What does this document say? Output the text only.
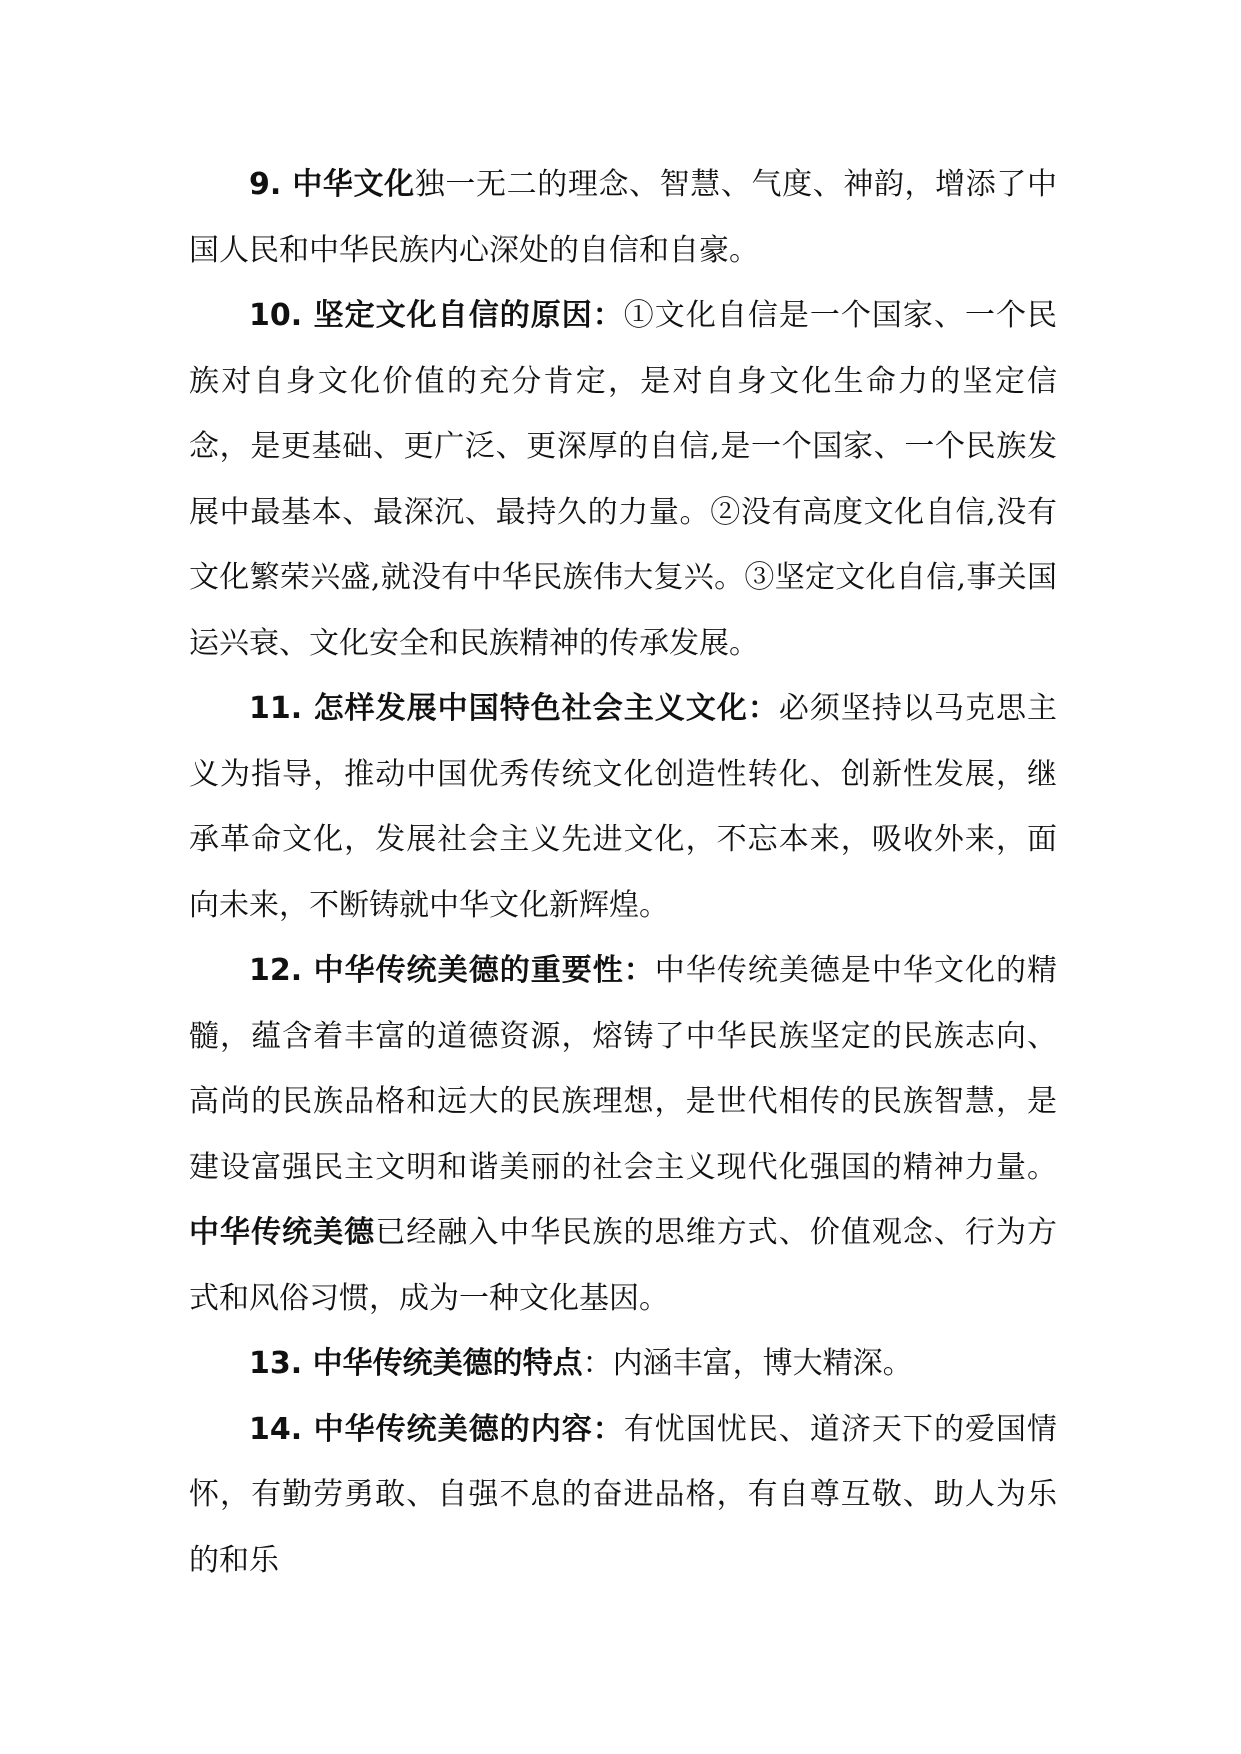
9. 中华文化独一无二的理念、智慧、气度、神韵，增添了中国人民和中华民族内心深处的自信和自豪。

10. 坚定文化自信的原因：①文化自信是一个国家、一个民族对自身文化价值的充分肯定，是对自身文化生命力的坚定信念，是更基础、更广泛、更深厚的自信,是一个国家、一个民族发展中最基本、最深沉、最持久的力量。②没有高度文化自信,没有文化繁荣兴盛,就没有中华民族伟大复兴。③坚定文化自信,事关国运兴衰、文化安全和民族精神的传承发展。

11. 怎样发展中国特色社会主义文化：必须坚持以马克思主义为指导，推动中国优秀传统文化创造性转化、创新性发展，继承革命文化，发展社会主义先进文化，不忘本来，吸收外来，面向未来，不断铸就中华文化新辉煌。

12. 中华传统美德的重要性：中华传统美德是中华文化的精髓，蕴含着丰富的道德资源，熔铸了中华民族坚定的民族志向、高尚的民族品格和远大的民族理想，是世代相传的民族智慧，是建设富强民主文明和谐美丽的社会主义现代化强国的精神力量。中华传统美德已经融入中华民族的思维方式、价值观念、行为方式和风俗习惯，成为一种文化基因。

13. 中华传统美德的特点：内涵丰富，博大精深。

14. 中华传统美德的内容：有忧国忧民、道济天下的爱国情怀，有勤劳勇敢、自强不息的奋进品格，有自尊互敬、助人为乐的和乐
